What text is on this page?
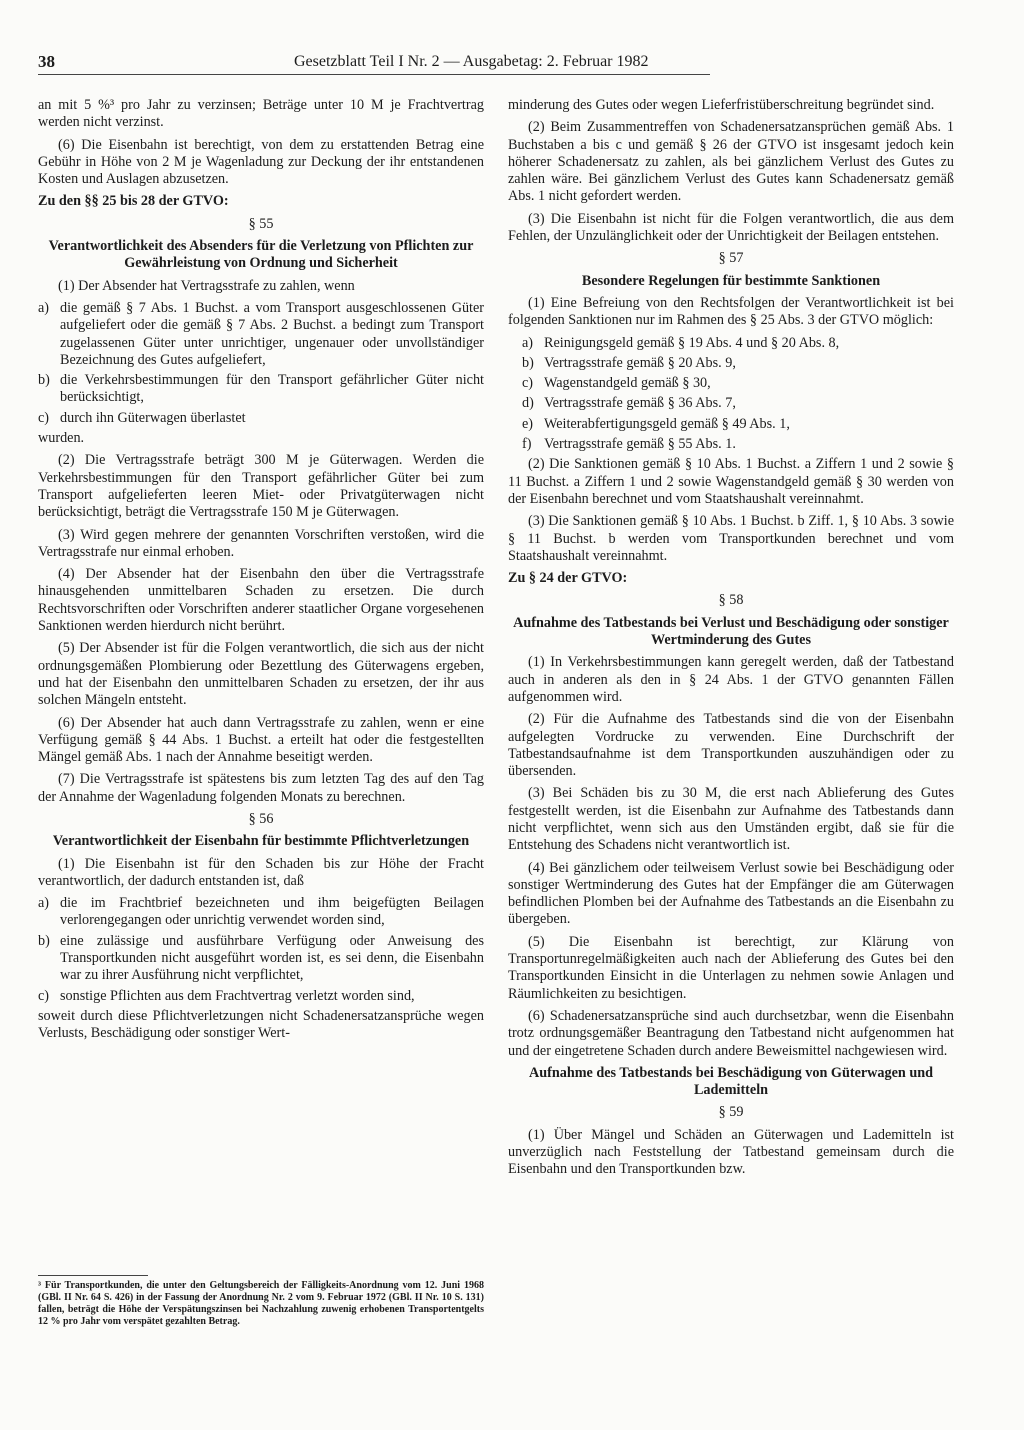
38	Gesetzblatt Teil I Nr. 2 — Ausgabetag: 2. Februar 1982

an mit 5 %³ pro Jahr zu verzinsen; Beträge unter 10 M je Frachtvertrag werden nicht verzinst.

(6) Die Eisenbahn ist berechtigt, von dem zu erstattenden Betrag eine Gebühr in Höhe von 2 M je Wagenladung zur Deckung der ihr entstandenen Kosten und Auslagen abzusetzen.

Zu den §§ 25 bis 28 der GTVO:

§ 55

Verantwortlichkeit des Absenders für die Verletzung von Pflichten zur Gewährleistung von Ordnung und Sicherheit

(1) Der Absender hat Vertragsstrafe zu zahlen, wenn

a) die gemäß § 7 Abs. 1 Buchst. a vom Transport ausgeschlossenen Güter aufgeliefert oder die gemäß § 7 Abs. 2 Buchst. a bedingt zum Transport zugelassenen Güter unter unrichtiger, ungenauer oder unvollständiger Bezeichnung des Gutes aufgeliefert,
b) die Verkehrsbestimmungen für den Transport gefährlicher Güter nicht berücksichtigt,
c) durch ihn Güterwagen überlastet

wurden.

(2) Die Vertragsstrafe beträgt 300 M je Güterwagen. Werden die Verkehrsbestimmungen für den Transport gefährlicher Güter bei zum Transport aufgelieferten leeren Miet- oder Privatgüterwagen nicht berücksichtigt, beträgt die Vertragsstrafe 150 M je Güterwagen.

(3) Wird gegen mehrere der genannten Vorschriften verstoßen, wird die Vertragsstrafe nur einmal erhoben.

(4) Der Absender hat der Eisenbahn den über die Vertragsstrafe hinausgehenden unmittelbaren Schaden zu ersetzen. Die durch Rechtsvorschriften oder Vorschriften anderer staatlicher Organe vorgesehenen Sanktionen werden hierdurch nicht berührt.

(5) Der Absender ist für die Folgen verantwortlich, die sich aus der nicht ordnungsgemäßen Plombierung oder Bezettlung des Güterwagens ergeben, und hat der Eisenbahn den unmittelbaren Schaden zu ersetzen, der ihr aus solchen Mängeln entsteht.

(6) Der Absender hat auch dann Vertragsstrafe zu zahlen, wenn er eine Verfügung gemäß § 44 Abs. 1 Buchst. a erteilt hat oder die festgestellten Mängel gemäß Abs. 1 nach der Annahme beseitigt werden.

(7) Die Vertragsstrafe ist spätestens bis zum letzten Tag des auf den Tag der Annahme der Wagenladung folgenden Monats zu berechnen.

§ 56

Verantwortlichkeit der Eisenbahn für bestimmte Pflichtverletzungen

(1) Die Eisenbahn ist für den Schaden bis zur Höhe der Fracht verantwortlich, der dadurch entstanden ist, daß

a) die im Frachtbrief bezeichneten und ihm beigefügten Beilagen verlorengegangen oder unrichtig verwendet worden sind,
b) eine zulässige und ausführbare Verfügung oder Anweisung des Transportkunden nicht ausgeführt worden ist, es sei denn, die Eisenbahn war zu ihrer Ausführung nicht verpflichtet,
c) sonstige Pflichten aus dem Frachtvertrag verletzt worden sind,

soweit durch diese Pflichtverletzungen nicht Schadenersatzansprüche wegen Verlusts, Beschädigung oder sonstiger Wert-

³ Für Transportkunden, die unter den Geltungsbereich der Fälligkeits-Anordnung vom 12. Juni 1968 (GBl. II Nr. 64 S. 426) in der Fassung der Anordnung Nr. 2 vom 9. Februar 1972 (GBl. II Nr. 10 S. 131) fallen, beträgt die Höhe der Verspätungszinsen bei Nachzahlung zuwenig erhobenen Transportentgelts 12 % pro Jahr vom verspätet gezahlten Betrag.

minderung des Gutes oder wegen Lieferfristüberschreitung begründet sind.

(2) Beim Zusammentreffen von Schadenersatzansprüchen gemäß Abs. 1 Buchstaben a bis c und gemäß § 26 der GTVO ist insgesamt jedoch kein höherer Schadenersatz zu zahlen, als bei gänzlichem Verlust des Gutes zu zahlen wäre. Bei gänzlichem Verlust des Gutes kann Schadenersatz gemäß Abs. 1 nicht gefordert werden.

(3) Die Eisenbahn ist nicht für die Folgen verantwortlich, die aus dem Fehlen, der Unzulänglichkeit oder der Unrichtigkeit der Beilagen entstehen.

§ 57

Besondere Regelungen für bestimmte Sanktionen

(1) Eine Befreiung von den Rechtsfolgen der Verantwortlichkeit ist bei folgenden Sanktionen nur im Rahmen des § 25 Abs. 3 der GTVO möglich:

a) Reinigungsgeld gemäß § 19 Abs. 4 und § 20 Abs. 8,
b) Vertragsstrafe gemäß § 20 Abs. 9,
c) Wagenstandgeld gemäß § 30,
d) Vertragsstrafe gemäß § 36 Abs. 7,
e) Weiterabfertigungsgeld gemäß § 49 Abs. 1,
f) Vertragsstrafe gemäß § 55 Abs. 1.

(2) Die Sanktionen gemäß § 10 Abs. 1 Buchst. a Ziffern 1 und 2 sowie § 11 Buchst. a Ziffern 1 und 2 sowie Wagenstandgeld gemäß § 30 werden von der Eisenbahn berechnet und vom Staatshaushalt vereinnahmt.

(3) Die Sanktionen gemäß § 10 Abs. 1 Buchst. b Ziff. 1, § 10 Abs. 3 sowie § 11 Buchst. b werden vom Transportkunden berechnet und vom Staatshaushalt vereinnahmt.

Zu § 24 der GTVO:

§ 58

Aufnahme des Tatbestands bei Verlust und Beschädigung oder sonstiger Wertminderung des Gutes

(1) In Verkehrsbestimmungen kann geregelt werden, daß der Tatbestand auch in anderen als den in § 24 Abs. 1 der GTVO genannten Fällen aufgenommen wird.

(2) Für die Aufnahme des Tatbestands sind die von der Eisenbahn aufgelegten Vordrucke zu verwenden. Eine Durchschrift der Tatbestandsaufnahme ist dem Transportkunden auszuhändigen oder zu übersenden.

(3) Bei Schäden bis zu 30 M, die erst nach Ablieferung des Gutes festgestellt werden, ist die Eisenbahn zur Aufnahme des Tatbestands dann nicht verpflichtet, wenn sich aus den Umständen ergibt, daß sie für die Entstehung des Schadens nicht verantwortlich ist.

(4) Bei gänzlichem oder teilweisem Verlust sowie bei Beschädigung oder sonstiger Wertminderung des Gutes hat der Empfänger die am Güterwagen befindlichen Plomben bei der Aufnahme des Tatbestands an die Eisenbahn zu übergeben.

(5) Die Eisenbahn ist berechtigt, zur Klärung von Transportunregelmäßigkeiten auch nach der Ablieferung des Gutes bei den Transportkunden Einsicht in die Unterlagen zu nehmen sowie Anlagen und Räumlichkeiten zu besichtigen.

(6) Schadenersatzansprüche sind auch durchsetzbar, wenn die Eisenbahn trotz ordnungsgemäßer Beantragung den Tatbestand nicht aufgenommen hat und der eingetretene Schaden durch andere Beweismittel nachgewiesen wird.

Aufnahme des Tatbestands bei Beschädigung von Güterwagen und Lademitteln

§ 59

(1) Über Mängel und Schäden an Güterwagen und Lademitteln ist unverzüglich nach Feststellung der Tatbestand gemeinsam durch die Eisenbahn und den Transportkunden bzw.
